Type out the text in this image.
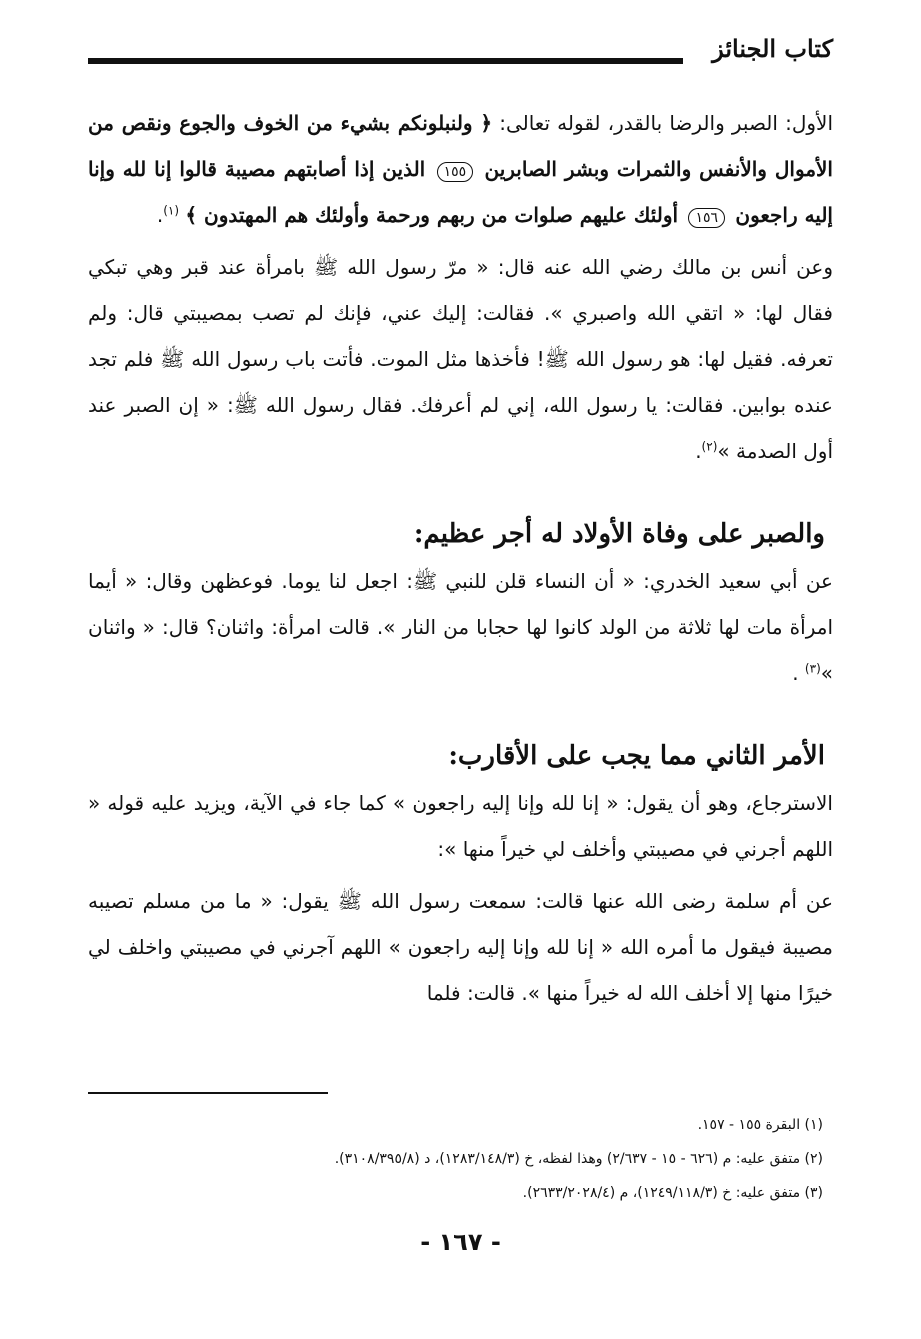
كتاب الجنائز

الأول: الصبر والرضا بالقدر، لقوله تعالى: ﴿ ولنبلونكم بشيء من الخوف والجوع ونقص من الأموال والأنفس والثمرات وبشر الصابرين ١٥٥ الذين إذا أصابتهم مصيبة قالوا إنا لله وإنا إليه راجعون ١٥٦ أولئك عليهم صلوات من ربهم ورحمة وأولئك هم المهتدون ﴾ $^{(١)}$.

وعن أنس بن مالك رضي الله عنه قال: « مرّ رسول الله ﷺ بامرأة عند قبر وهي تبكي فقال لها: « اتقي الله واصبري ». فقالت: إليك عني، فإنك لم تصب بمصيبتي قال: ولم تعرفه. فقيل لها: هو رسول الله ﷺ! فأخذها مثل الموت. فأتت باب رسول الله ﷺ فلم تجد عنده بوابين. فقالت: يا رسول الله، إني لم أعرفك. فقال رسول الله ﷺ: « إن الصبر عند أول الصدمة »$^{(٢)}$.

والصبر على وفاة الأولاد له أجر عظيم:

عن أبي سعيد الخدري: « أن النساء قلن للنبي ﷺ: اجعل لنا يوما. فوعظهن وقال: « أيما امرأة مات لها ثلاثة من الولد كانوا لها حجابا من النار ». قالت امرأة: واثنان؟ قال: « واثنان »$^{(٣)}$ .

الأمر الثاني مما يجب على الأقارب:

الاسترجاع، وهو أن يقول: « إنا لله وإنا إليه راجعون » كما جاء في الآية، ويزيد عليه قوله « اللهم أجرني في مصيبتي وأخلف لي خيراً منها »:

عن أم سلمة رضى الله عنها قالت: سمعت رسول الله ﷺ يقول: « ما من مسلم تصيبه مصيبة فيقول ما أمره الله « إنا لله وإنا إليه راجعون » اللهم آجرني في مصيبتي واخلف لي خيرًا منها إلا أخلف الله له خيراً منها ». قالت: فلما

(١) البقرة ١٥٥ - ١٥٧.

(٢) متفق عليه: م (٦٢٦ - ١٥ - ٢/٦٣٧) وهذا لفظه، خ (١٢٨٣/١٤٨/٣)، د (٣١٠٨/٣٩٥/٨).

(٣) متفق عليه: خ (١٢٤٩/١١٨/٣)، م (٢٦٣٣/٢٠٢٨/٤).

- ١٦٧ -
